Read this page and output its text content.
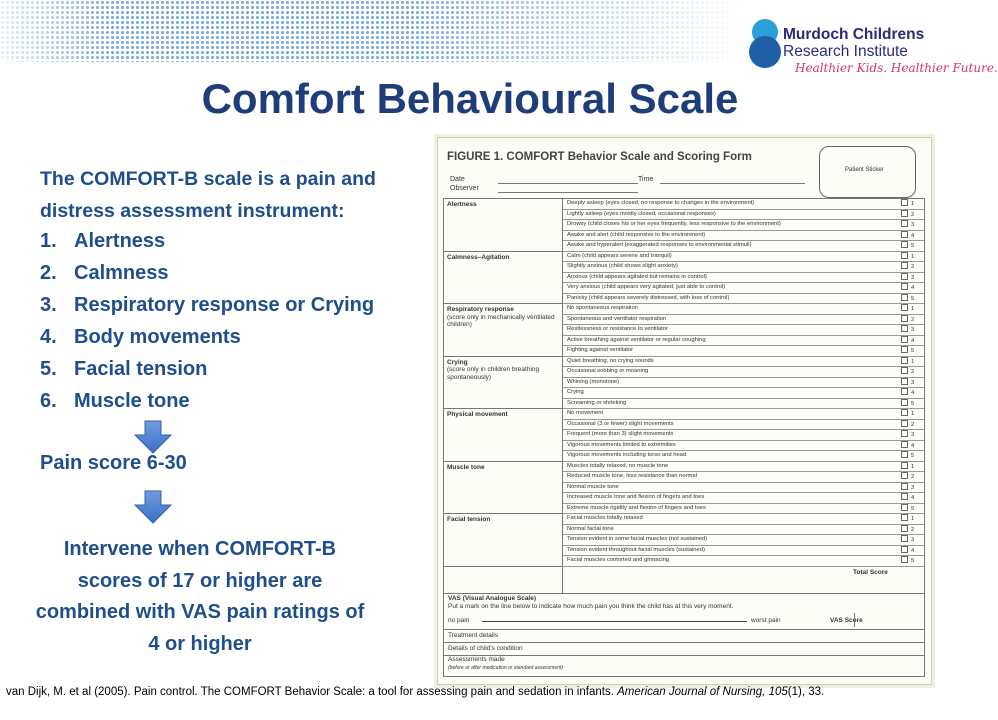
Murdoch Childrens
Research Institute
Healthier Kids. Healthier Future.
Comfort Behavioural Scale
The COMFORT-B scale is a pain and distress assessment instrument:
1. Alertness
2. Calmness
3. Respiratory response or Crying
4. Body movements
5. Facial tension
6. Muscle tone
Pain score 6-30
Intervene when COMFORT-B scores of 17 or higher are combined with VAS pain ratings of 4 or higher
FIGURE 1. COMFORT Behavior Scale and Scoring Form
Patient Sticker
Date	Time
Observer
Alertness	Deeply asleep (eyes closed, no response to changes in the environment)	1
Lightly asleep (eyes mostly closed, occasional responses)	2
Drowsy (child closes his or her eyes frequently, less responsive to the environment)	3
Awake and alert (child responsive to the environment)	4
Awake and hyperalert (exaggerated responses to environmental stimuli)	5
Calmness–Agitation	Calm (child appears serene and tranquil)	1
Slightly anxious (child shows slight anxiety)	2
Anxious (child appears agitated but remains in control)	3
Very anxious (child appears very agitated, just able to control)	4
Panicky (child appears severely distressed, with loss of control)	5
Respiratory response
(score only in mechanically ventilated children)
No spontaneous respiration	1
Spontaneous and ventilator respiration	2
Restlessness or resistance to ventilator	3
Active breathing against ventilator or regular coughing	4
Fighting against ventilator	5
Crying
(score only in children breathing spontaneously)
Quiet breathing, no crying sounds	1
Occasional sobbing or moaning	2
Whining (monotone)	3
Crying	4
Screaming or shrieking	5
Physical movement	No movement	1
Occasional (3 or fewer) slight movements	2
Frequent (more than 3) slight movements	3
Vigorous movements limited to extremities	4
Vigorous movements including torso and head	5
Muscle tone	Muscles totally relaxed, no muscle tone	1
Reduced muscle tone, less resistance than normal	2
Normal muscle tone	3
Increased muscle tone and flexion of fingers and toes	4
Extreme muscle rigidity and flexion of fingers and toes	5
Facial tension	Facial muscles totally relaxed	1
Normal facial tone	2
Tension evident in some facial muscles (not sustained)	3
Tension evident throughout facial muscles (sustained)	4
Facial muscles contorted and grimacing	5
Total Score
VAS (Visual Analogue Scale)
Put a mark on the line below to indicate how much pain you think the child has at this very moment.
no pain	worst pain	VAS Score
Treatment details
Details of child's condition
Assessments made
(before or after medication or standard assessment)
van Dijk, M. et al (2005). Pain control. The COMFORT Behavior Scale: a tool for assessing pain and sedation in infants. American Journal of Nursing, 105(1), 33.
